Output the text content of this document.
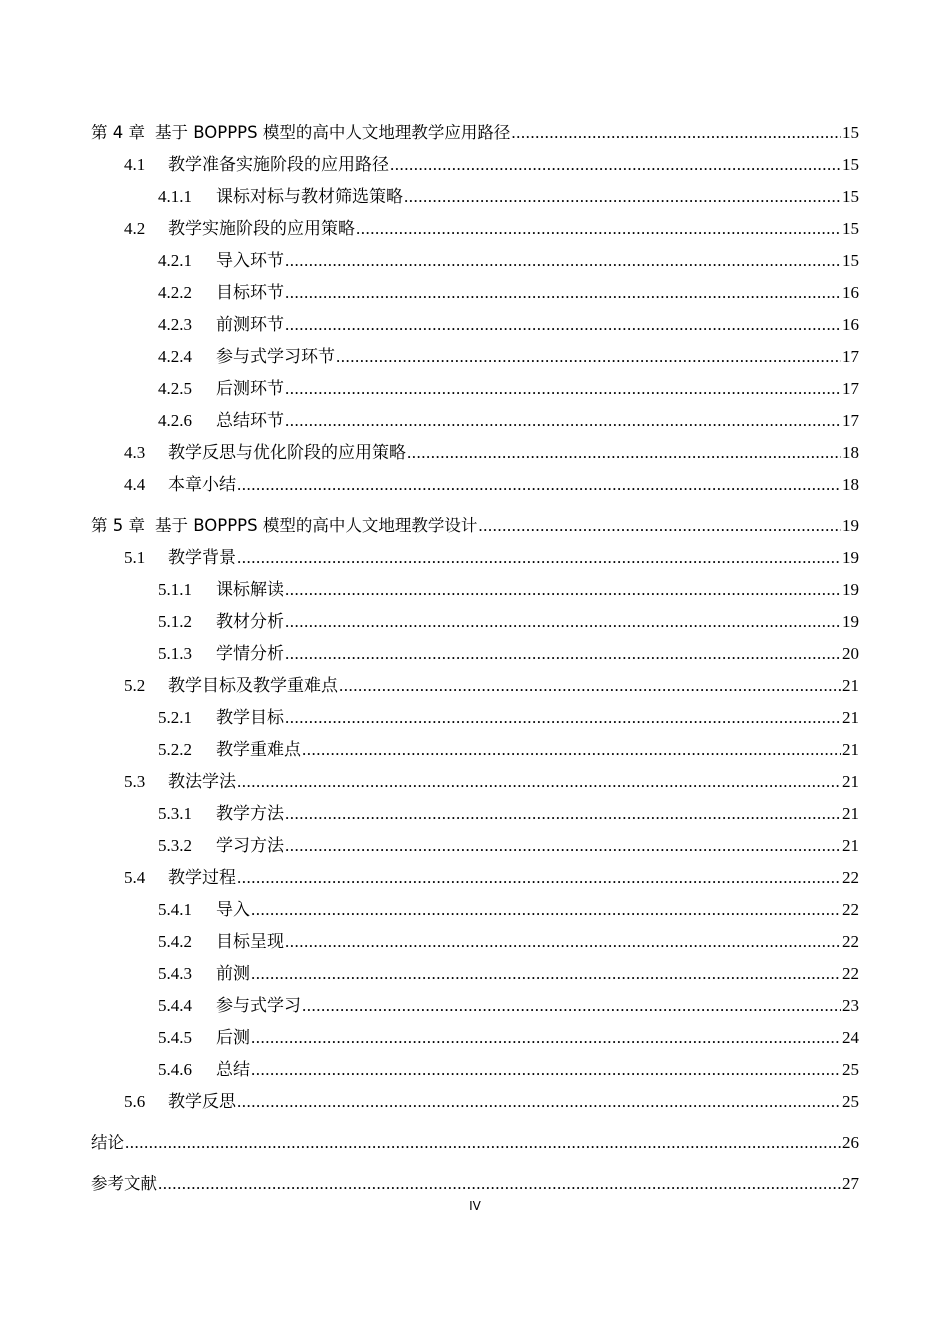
第 4 章 基于 BOPPPS 模型的高中人文地理教学应用路径 .....	15
4.1	教学准备实施阶段的应用路径 .....	15
4.1.1	课标对标与教材筛选策略 .....	15
4.2	教学实施阶段的应用策略 .....	15
4.2.1	导入环节 .....	15
4.2.2	目标环节 .....	16
4.2.3	前测环节 .....	16
4.2.4	参与式学习环节 .....	17
4.2.5	后测环节 .....	17
4.2.6	总结环节 .....	17
4.3	教学反思与优化阶段的应用策略 .....	18
4.4	本章小结 .....	18
第 5 章 基于 BOPPPS 模型的高中人文地理教学设计 .....	19
5.1	教学背景 .....	19
5.1.1	课标解读 .....	19
5.1.2	教材分析 .....	19
5.1.3	学情分析 .....	20
5.2	教学目标及教学重难点 .....	21
5.2.1	教学目标 .....	21
5.2.2	教学重难点 .....	21
5.3	教法学法 .....	21
5.3.1	教学方法 .....	21
5.3.2	学习方法 .....	21
5.4	教学过程 .....	22
5.4.1	导入 .....	22
5.4.2	目标呈现 .....	22
5.4.3	前测 .....	22
5.4.4	参与式学习 .....	23
5.4.5	后测 .....	24
5.4.6	总结 .....	25
5.6	教学反思 .....	25
结论 .....	26
参考文献 .....	27
IV
